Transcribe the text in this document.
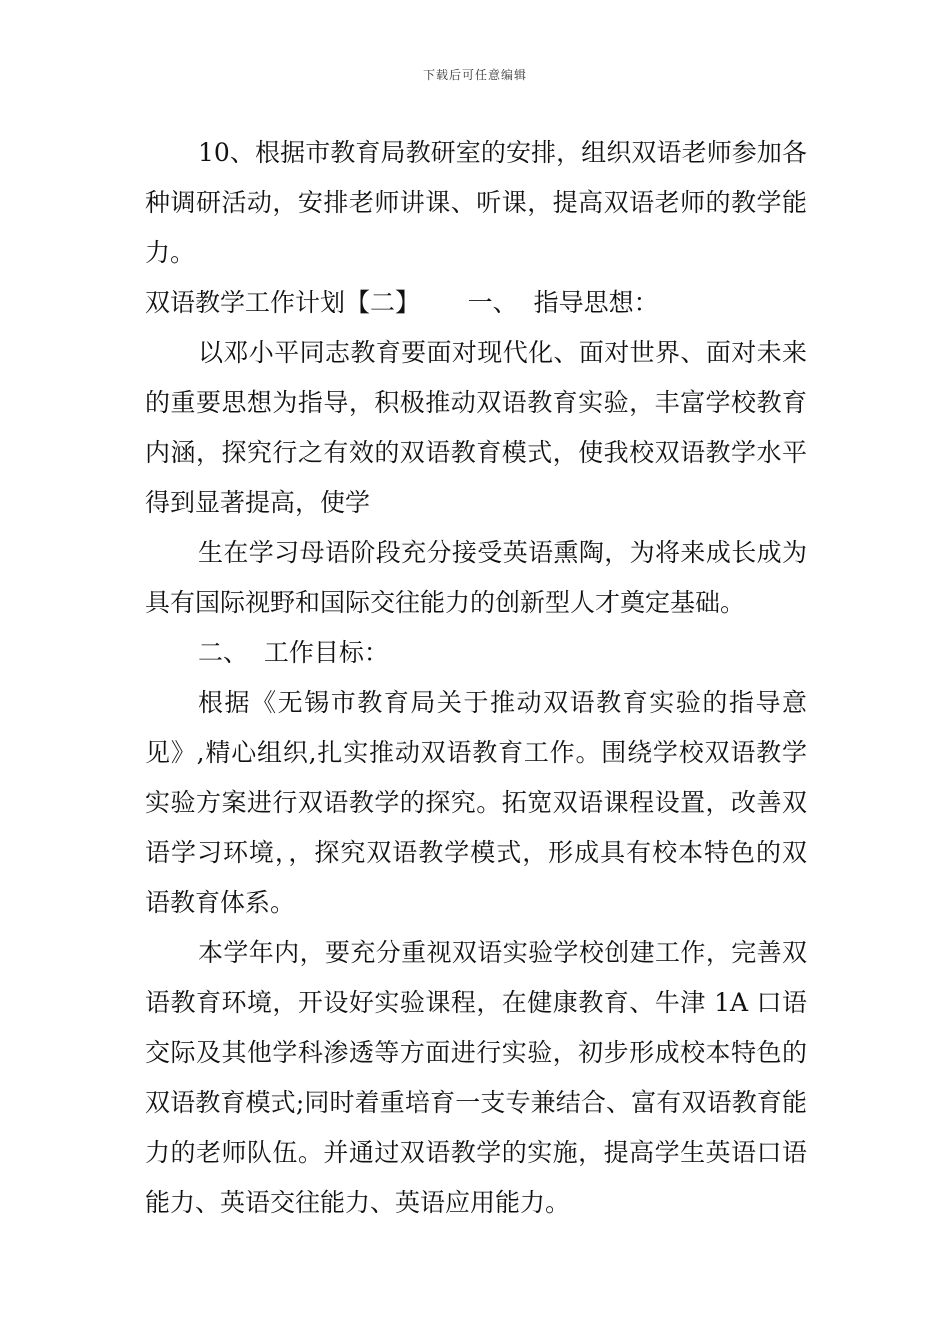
下载后可任意编辑

10、根据市教育局教研室的安排，组织双语老师参加各种调研活动，安排老师讲课、听课，提高双语老师的教学能力。

双语教学工作计划【二】      一、  指导思想：

以邓小平同志教育要面对现代化、面对世界、面对未来的重要思想为指导，积极推动双语教育实验，丰富学校教育内涵，探究行之有效的双语教育模式，使我校双语教学水平得到显著提高，使学

生在学习母语阶段充分接受英语熏陶，为将来成长成为具有国际视野和国际交往能力的创新型人才奠定基础。

二、  工作目标：

根据《无锡市教育局关于推动双语教育实验的指导意见》,精心组织,扎实推动双语教育工作。围绕学校双语教学实验方案进行双语教学的探究。拓宽双语课程设置，改善双语学习环境，，探究双语教学模式，形成具有校本特色的双语教育体系。

本学年内，要充分重视双语实验学校创建工作，完善双语教育环境，开设好实验课程，在健康教育、牛津 1A 口语交际及其他学科渗透等方面进行实验，初步形成校本特色的双语教育模式;同时着重培育一支专兼结合、富有双语教育能力的老师队伍。并通过双语教学的实施，提高学生英语口语能力、英语交往能力、英语应用能力。
